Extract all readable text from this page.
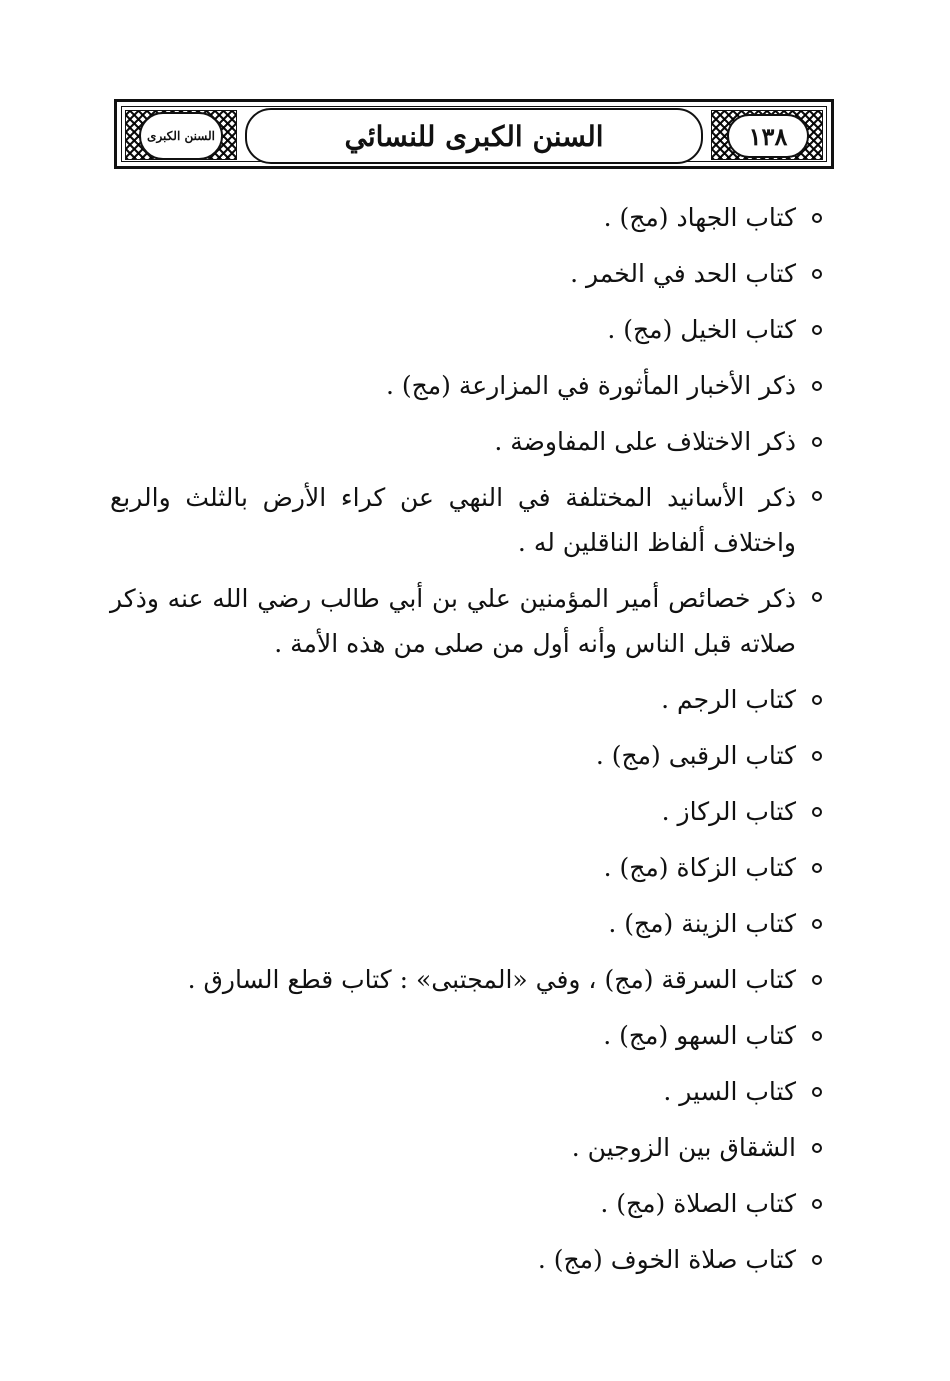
السنن الكبرى	السنن الكبرى للنسائي	١٣٨
كتاب الجهاد (مج) .
كتاب الحد في الخمر .
كتاب الخيل (مج) .
ذكر الأخبار المأثورة في المزارعة (مج) .
ذكر الاختلاف على المفاوضة .
ذكر الأسانيد المختلفة في النهي عن كراء الأرض بالثلث والربع واختلاف ألفاظ الناقلين له .
ذكر خصائص أمير المؤمنين علي بن أبي طالب رضي الله عنه وذكر صلاته قبل الناس وأنه أول من صلى من هذه الأمة .
كتاب الرجم .
كتاب الرقبى (مج) .
كتاب الركاز .
كتاب الزكاة (مج) .
كتاب الزينة (مج) .
كتاب السرقة (مج) ، وفي «المجتبى» : كتاب قطع السارق .
كتاب السهو (مج) .
كتاب السير .
الشقاق بين الزوجين .
كتاب الصلاة (مج) .
كتاب صلاة الخوف (مج) .
